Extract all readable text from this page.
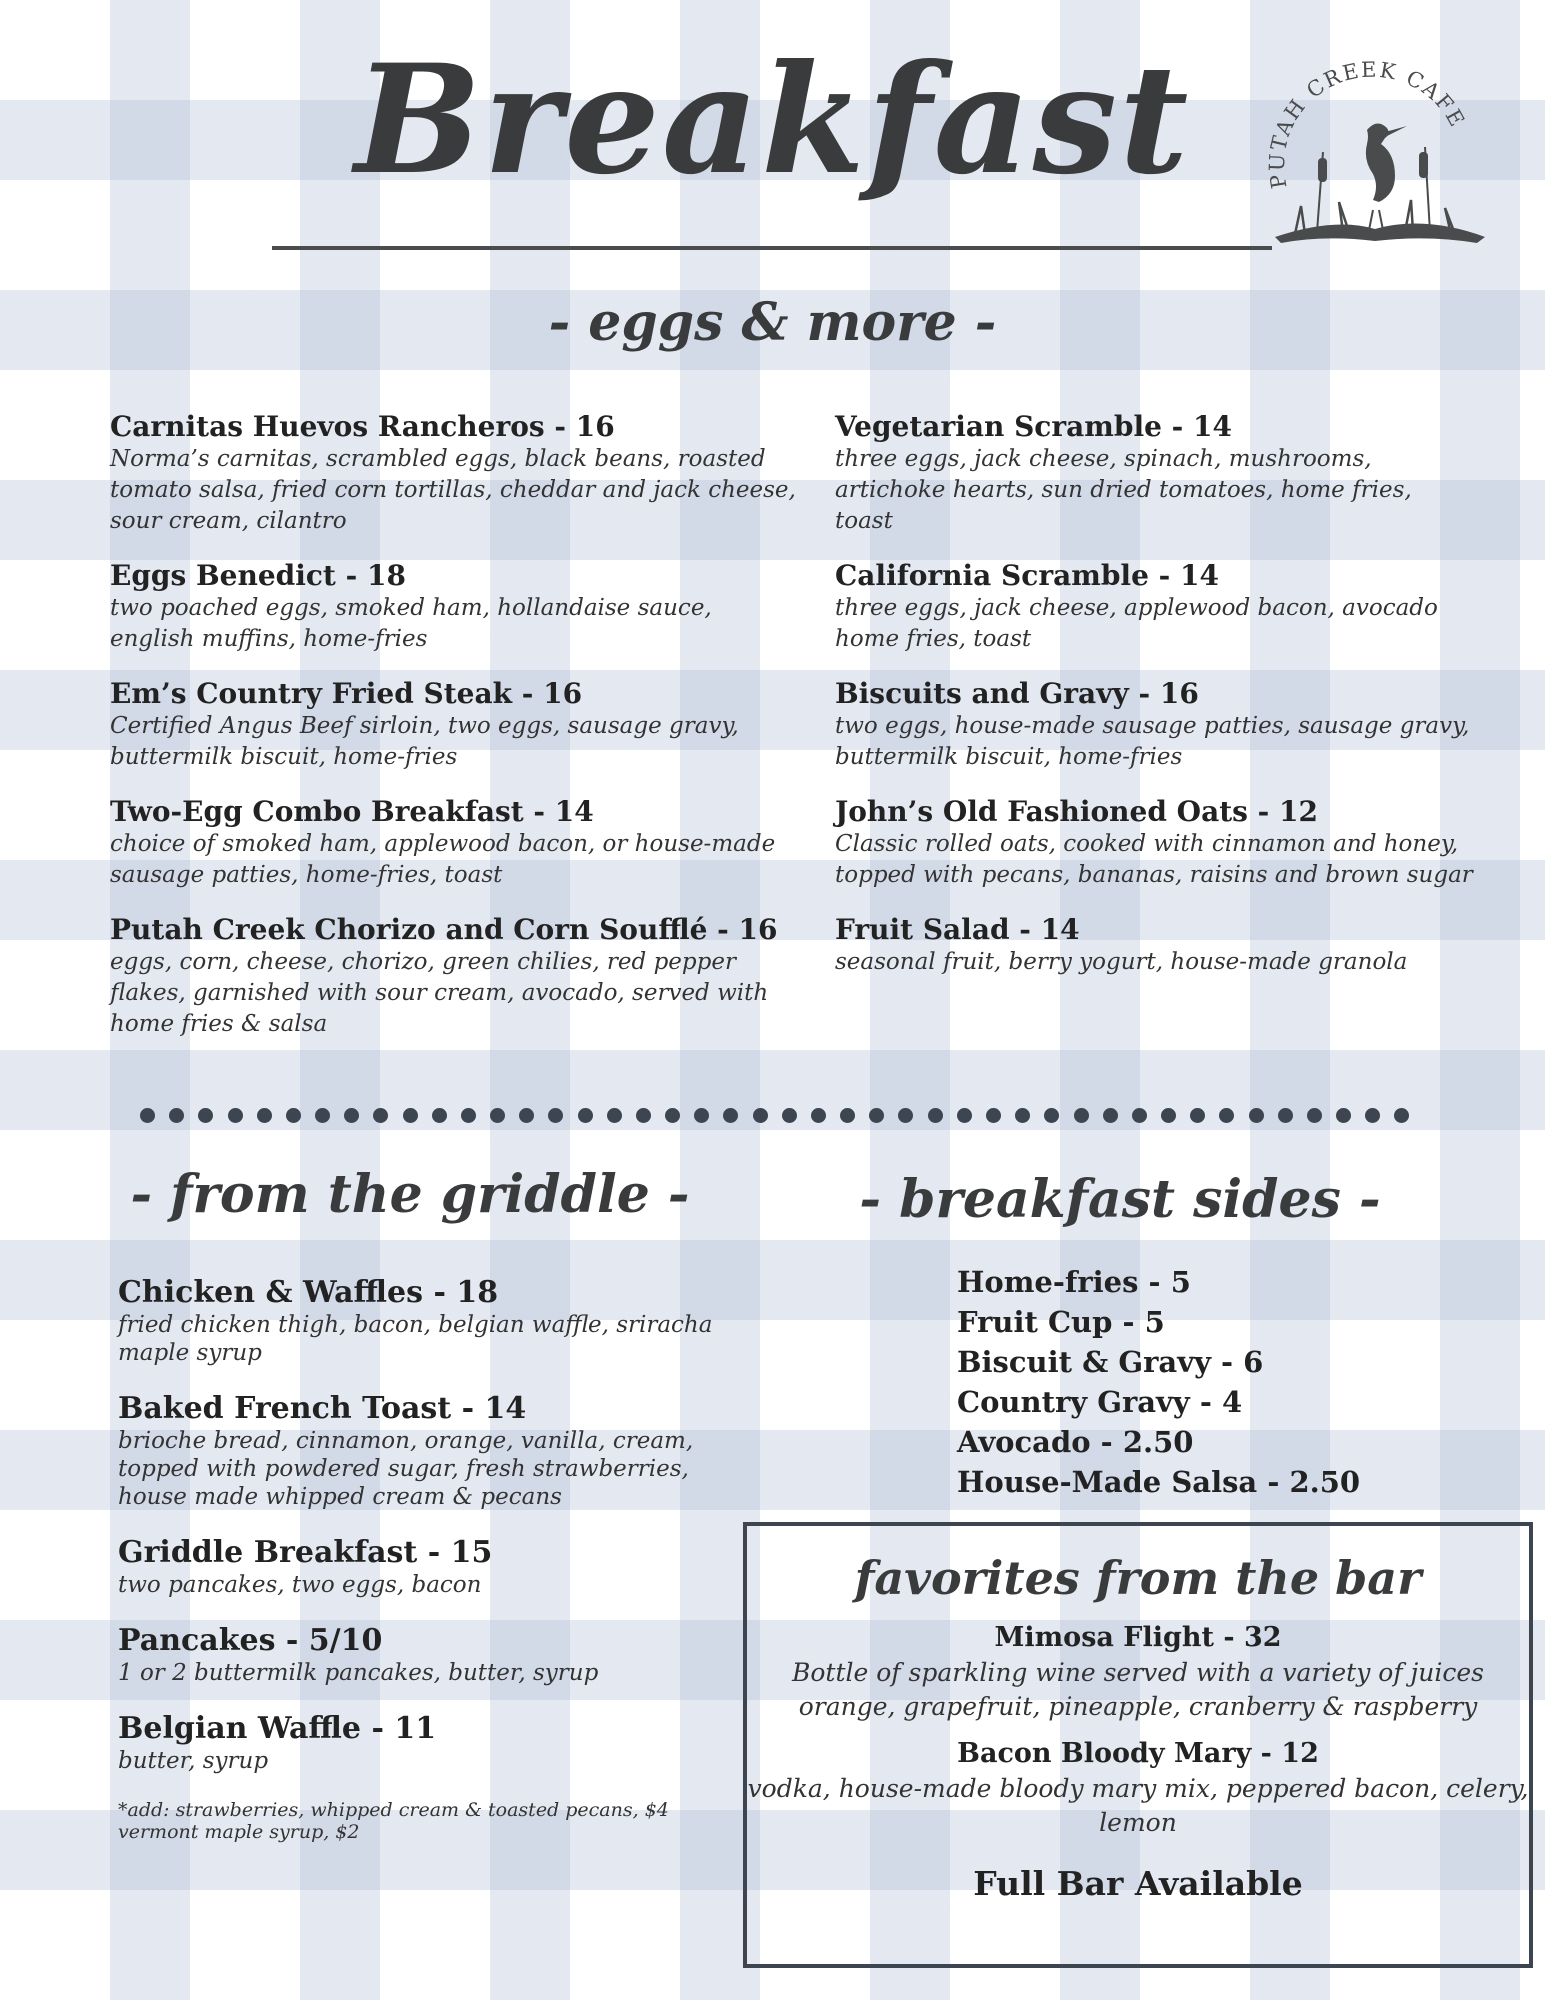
Breakfast	PUTAH CREEK CAFE
- eggs & more -
Carnitas Huevos Rancheros - 16
Norma’s carnitas, scrambled eggs, black beans, roasted tomato salsa, fried corn tortillas, cheddar and jack cheese, sour cream, cilantro
Eggs Benedict - 18
two poached eggs, smoked ham, hollandaise sauce, english muffins, home-fries
Em’s Country Fried Steak - 16
Certified Angus Beef sirloin, two eggs, sausage gravy, buttermilk biscuit, home-fries
Two-Egg Combo Breakfast - 14
choice of smoked ham, applewood bacon, or house-made sausage patties, home-fries, toast
Putah Creek Chorizo and Corn Soufflé - 16
eggs, corn, cheese, chorizo, green chilies, red pepper flakes, garnished with sour cream, avocado, served with home fries & salsa
Vegetarian Scramble - 14
three eggs, jack cheese, spinach, mushrooms, artichoke hearts, sun dried tomatoes, home fries, toast
California Scramble - 14
three eggs, jack cheese, applewood bacon, avocado home fries, toast
Biscuits and Gravy - 16
two eggs, house-made sausage patties, sausage gravy, buttermilk biscuit, home-fries
John’s Old Fashioned Oats - 12
Classic rolled oats, cooked with cinnamon and honey, topped with pecans, bananas, raisins and brown sugar
Fruit Salad - 14
seasonal fruit, berry yogurt, house-made granola
- from the griddle -
Chicken & Waffles - 18
fried chicken thigh, bacon, belgian waffle, sriracha maple syrup
Baked French Toast - 14
brioche bread, cinnamon, orange, vanilla, cream, topped with powdered sugar, fresh strawberries, house made whipped cream & pecans
Griddle Breakfast - 15
two pancakes, two eggs, bacon
Pancakes - 5/10
1 or 2 buttermilk pancakes, butter, syrup
Belgian Waffle - 11
butter, syrup
*add: strawberries, whipped cream & toasted pecans, $4 vermont maple syrup, $2
- breakfast sides -
Home-fries - 5
Fruit Cup - 5
Biscuit & Gravy - 6
Country Gravy - 4
Avocado - 2.50
House-Made Salsa - 2.50
favorites from the bar
Mimosa Flight - 32
Bottle of sparkling wine served with a variety of juices orange, grapefruit, pineapple, cranberry & raspberry
Bacon Bloody Mary - 12
vodka, house-made bloody mary mix, peppered bacon, celery, lemon
Full Bar Available
